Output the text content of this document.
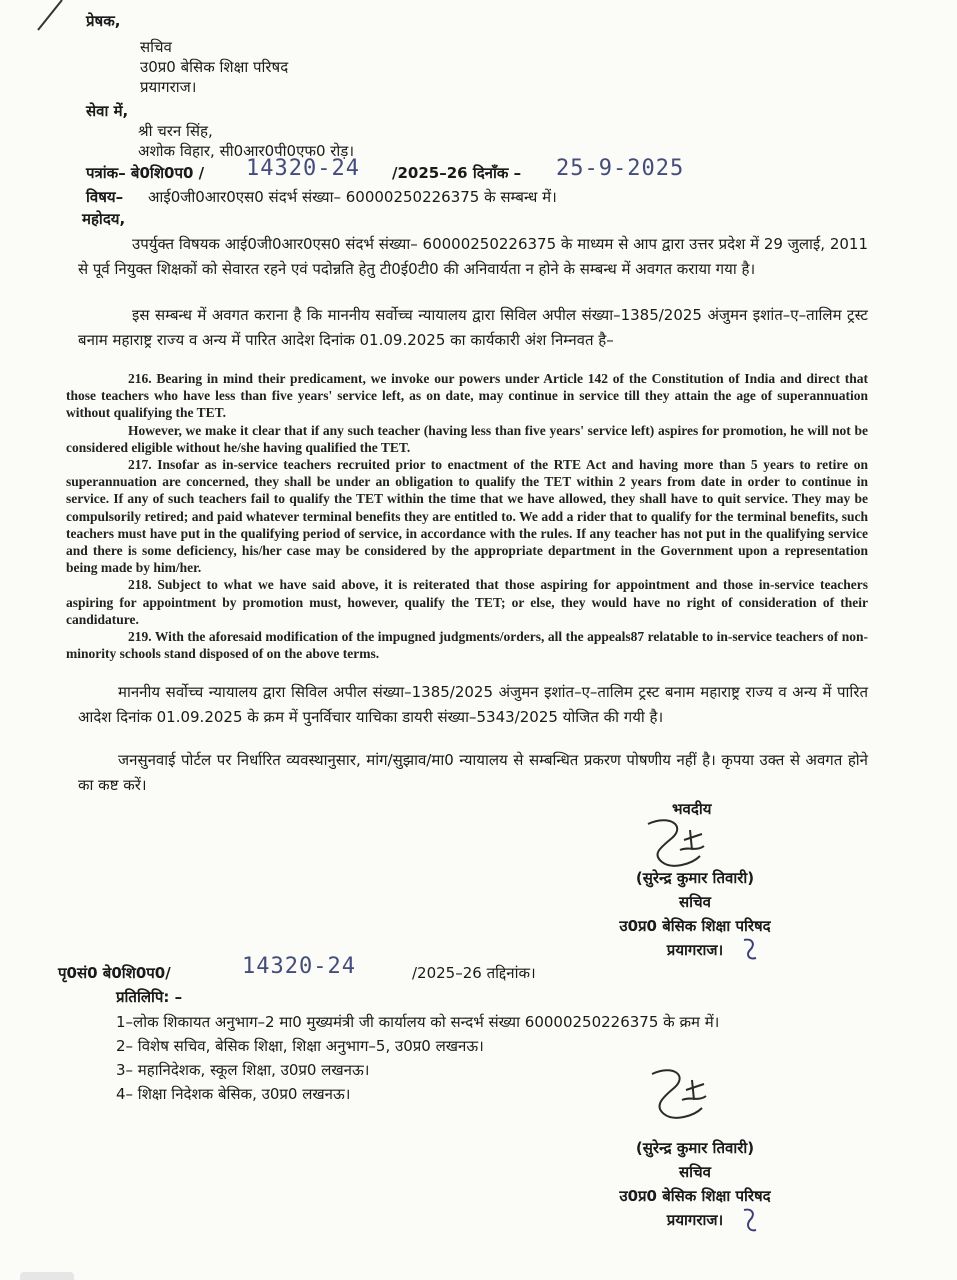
प्रेषक,
सचिव
उ0प्र0 बेसिक शिक्षा परिषद
प्रयागराज।
सेवा में,
श्री चरन सिंह,
अशोक विहार, सी0आर0पी0एफ0 रोड़।
पत्रांक– बे0शि0प0 / 14320-24 /2025–26 दिनाँक – 25-9-2025
विषय– आई0जी0आर0एस0 संदर्भ संख्या– 60000250226375 के सम्बन्ध में।
महोदय,
उपर्युक्त विषयक आई0जी0आर0एस0 संदर्भ संख्या– 60000250226375 के माध्यम से आप द्वारा उत्तर प्रदेश में 29 जुलाई, 2011 से पूर्व नियुक्त शिक्षकों को सेवारत रहने एवं पदोन्नति हेतु टी0ई0टी0 की अनिवार्यता न होने के सम्बन्ध में अवगत कराया गया है।
इस सम्बन्ध में अवगत कराना है कि माननीय सर्वोच्च न्यायालय द्वारा सिविल अपील संख्या–1385/2025 अंजुमन इशांत–ए–तालिम ट्रस्ट बनाम महाराष्ट्र राज्य व अन्य में पारित आदेश दिनांक 01.09.2025 का कार्यकारी अंश निम्नवत है–

216. Bearing in mind their predicament, we invoke our powers under Article 142 of the Constitution of India and direct that those teachers who have less than five years' service left, as on date, may continue in service till they attain the age of superannuation without qualifying the TET.

However, we make it clear that if any such teacher (having less than five years' service left) aspires for promotion, he will not be considered eligible without he/she having qualified the TET.

217. Insofar as in-service teachers recruited prior to enactment of the RTE Act and having more than 5 years to retire on superannuation are concerned, they shall be under an obligation to qualify the TET within 2 years from date in order to continue in service. If any of such teachers fail to qualify the TET within the time that we have allowed, they shall have to quit service. They may be compulsorily retired; and paid whatever terminal benefits they are entitled to. We add a rider that to qualify for the terminal benefits, such teachers must have put in the qualifying period of service, in accordance with the rules. If any teacher has not put in the qualifying service and there is some deficiency, his/her case may be considered by the appropriate department in the Government upon a representation being made by him/her.

218. Subject to what we have said above, it is reiterated that those aspiring for appointment and those in-service teachers aspiring for appointment by promotion must, however, qualify the TET; or else, they would have no right of consideration of their candidature.

219. With the aforesaid modification of the impugned judgments/orders, all the appeals87 relatable to in-service teachers of non-minority schools stand disposed of on the above terms.

माननीय सर्वोच्च न्यायालय द्वारा सिविल अपील संख्या–1385/2025 अंजुमन इशांत–ए–तालिम ट्रस्ट बनाम महाराष्ट्र राज्य व अन्य में पारित आदेश दिनांक 01.09.2025 के क्रम में पुनर्विचार याचिका डायरी संख्या–5343/2025 योजित की गयी है।
जनसुनवाई पोर्टल पर निर्धारित व्यवस्थानुसार, मांग/सुझाव/मा0 न्यायालय से सम्बन्धित प्रकरण पोषणीय नहीं है। कृपया उक्त से अवगत होने का कष्ट करें।
भवदीय
(सुरेन्द्र कुमार तिवारी)
सचिव
उ0प्र0 बेसिक शिक्षा परिषद
प्रयागराज।
पृ0सं0 बे0शि0प0/	14320-24	/2025–26 तद्दिनांक।
प्रतिलिपि: –
1–लोक शिकायत अनुभाग–2 मा0 मुख्यमंत्री जी कार्यालय को सन्दर्भ संख्या 60000250226375 के क्रम में।
2– विशेष सचिव, बेसिक शिक्षा, शिक्षा अनुभाग–5, उ0प्र0 लखनऊ।
3– महानिदेशक, स्कूल शिक्षा, उ0प्र0 लखनऊ।
4– शिक्षा निदेशक बेसिक, उ0प्र0 लखनऊ।
(सुरेन्द्र कुमार तिवारी)
सचिव
उ0प्र0 बेसिक शिक्षा परिषद
प्रयागराज।
